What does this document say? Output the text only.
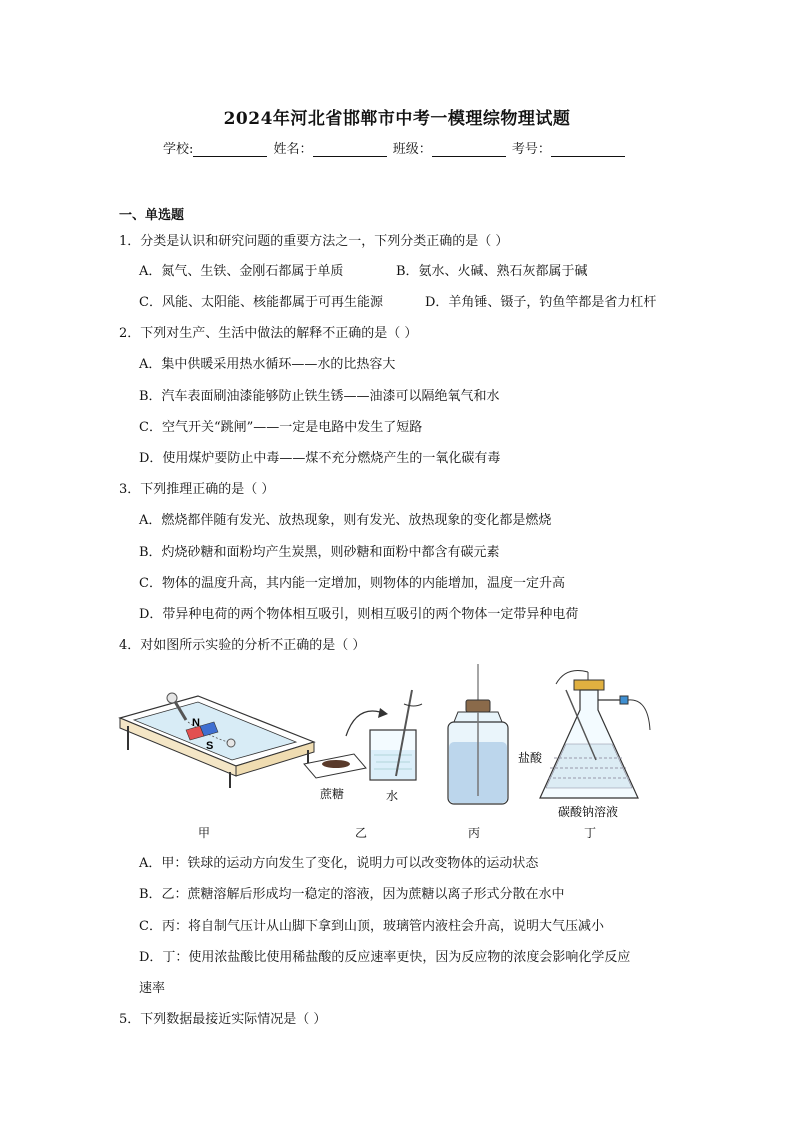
2024年河北省邯郸市中考一模理综物理试题
学校:	姓名：	班级：	考号：
一、单选题
1．分类是认识和研究问题的重要方法之一，下列分类正确的是（ ）
A．氮气、生铁、金刚石都属于单质	B．氨水、火碱、熟石灰都属于碱
C．风能、太阳能、核能都属于可再生能源	D．羊角锤、镊子，钓鱼竿都是省力杠杆
2．下列对生产、生活中做法的解释不正确的是（ ）
A．集中供暖采用热水循环——水的比热容大
B．汽车表面刷油漆能够防止铁生锈——油漆可以隔绝氧气和水
C．空气开关“跳闸”——一定是电路中发生了短路
D．使用煤炉要防止中毒——煤不充分燃烧产生的一氧化碳有毒
3．下列推理正确的是（ ）
A．燃烧都伴随有发光、放热现象，则有发光、放热现象的变化都是燃烧
B．灼烧砂糖和面粉均产生炭黑，则砂糖和面粉中都含有碳元素
C．物体的温度升高，其内能一定增加，则物体的内能增加，温度一定升高
D．带异种电荷的两个物体相互吸引，则相互吸引的两个物体一定带异种电荷
4．对如图所示实验的分析不正确的是（ ）
N
S
蔗糖	水
盐酸
碳酸钠溶液
甲	乙	丙	丁
A．甲：铁球的运动方向发生了变化，说明力可以改变物体的运动状态
B．乙：蔗糖溶解后形成均一稳定的溶液，因为蔗糖以离子形式分散在水中
C．丙：将自制气压计从山脚下拿到山顶，玻璃管内液柱会升高，说明大气压减小
D．丁：使用浓盐酸比使用稀盐酸的反应速率更快，因为反应物的浓度会影响化学反应
速率
5．下列数据最接近实际情况是（ ）
